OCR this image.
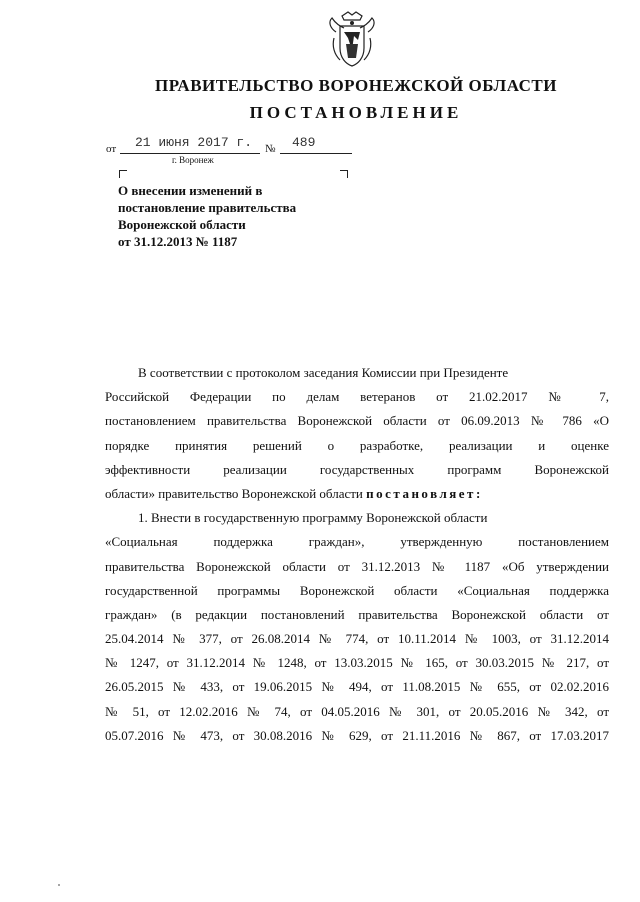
ПРАВИТЕЛЬСТВО ВОРОНЕЖСКОЙ ОБЛАСТИ
ПОСТАНОВЛЕНИЕ
от 21 июня 2017 г. № 489
г. Воронеж
О внесении изменений в
постановление правительства
Воронежской области
от 31.12.2013 № 1187
В соответствии с протоколом заседания Комиссии при Президенте
Российской Федерации по делам ветеранов от 21.02.2017 № 7,
постановлением правительства Воронежской области от 06.09.2013 № 786 «О
порядке принятия решений о разработке, реализации и оценке
эффективности реализации государственных программ Воронежской
области» правительство Воронежской области постановляет:
1. Внести в государственную программу Воронежской области
«Социальная поддержка граждан», утвержденную постановлением
правительства Воронежской области от 31.12.2013 № 1187 «Об утверждении
государственной программы Воронежской области «Социальная поддержка
граждан» (в редакции постановлений правительства Воронежской области от
25.04.2014 № 377, от 26.08.2014 № 774, от 10.11.2014 № 1003, от 31.12.2014
№ 1247, от 31.12.2014 № 1248, от 13.03.2015 № 165, от 30.03.2015 № 217, от
26.05.2015 № 433, от 19.06.2015 № 494, от 11.08.2015 № 655, от 02.02.2016
№ 51, от 12.02.2016 № 74, от 04.05.2016 № 301, от 20.05.2016 № 342, от
05.07.2016 № 473, от 30.08.2016 № 629, от 21.11.2016 № 867, от 17.03.2017
